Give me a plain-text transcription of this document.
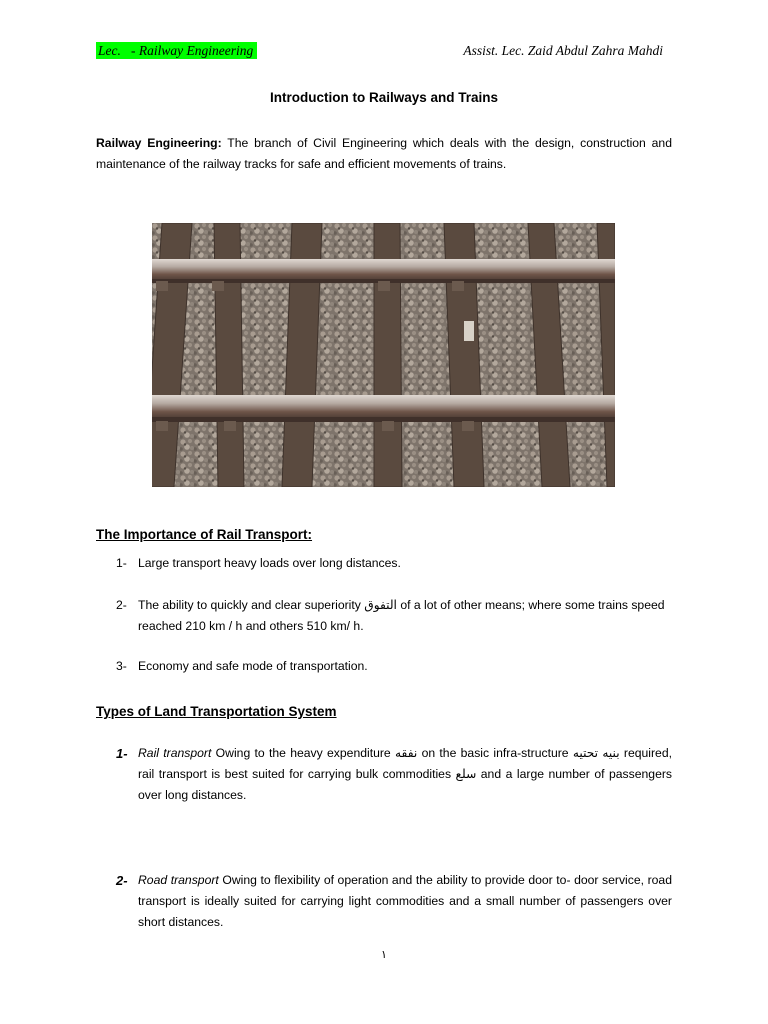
Lec.   - Railway Engineering	Assist. Lec. Zaid Abdul Zahra Mahdi
Introduction to Railways and Trains
Railway Engineering: The branch of Civil Engineering which deals with the design, construction and maintenance of the railway tracks for safe and efficient movements of trains.
The Importance of Rail Transport:
1- Large transport heavy loads over long distances.
2- The ability to quickly and clear superiority التفوق of a lot of other means; where some trains speed reached 210 km / h and others 510 km/ h.
3- Economy and safe mode of transportation.
Types of Land Transportation System
1- Rail transport Owing to the heavy expenditure نفقه on the basic infra-structure بنيه تحتيه required, rail transport is best suited for carrying bulk commodities سلع and a large number of passengers over long distances.
2- Road transport Owing to flexibility of operation and the ability to provide door to- door service, road transport is ideally suited for carrying light commodities and a small number of passengers over short distances.
١
